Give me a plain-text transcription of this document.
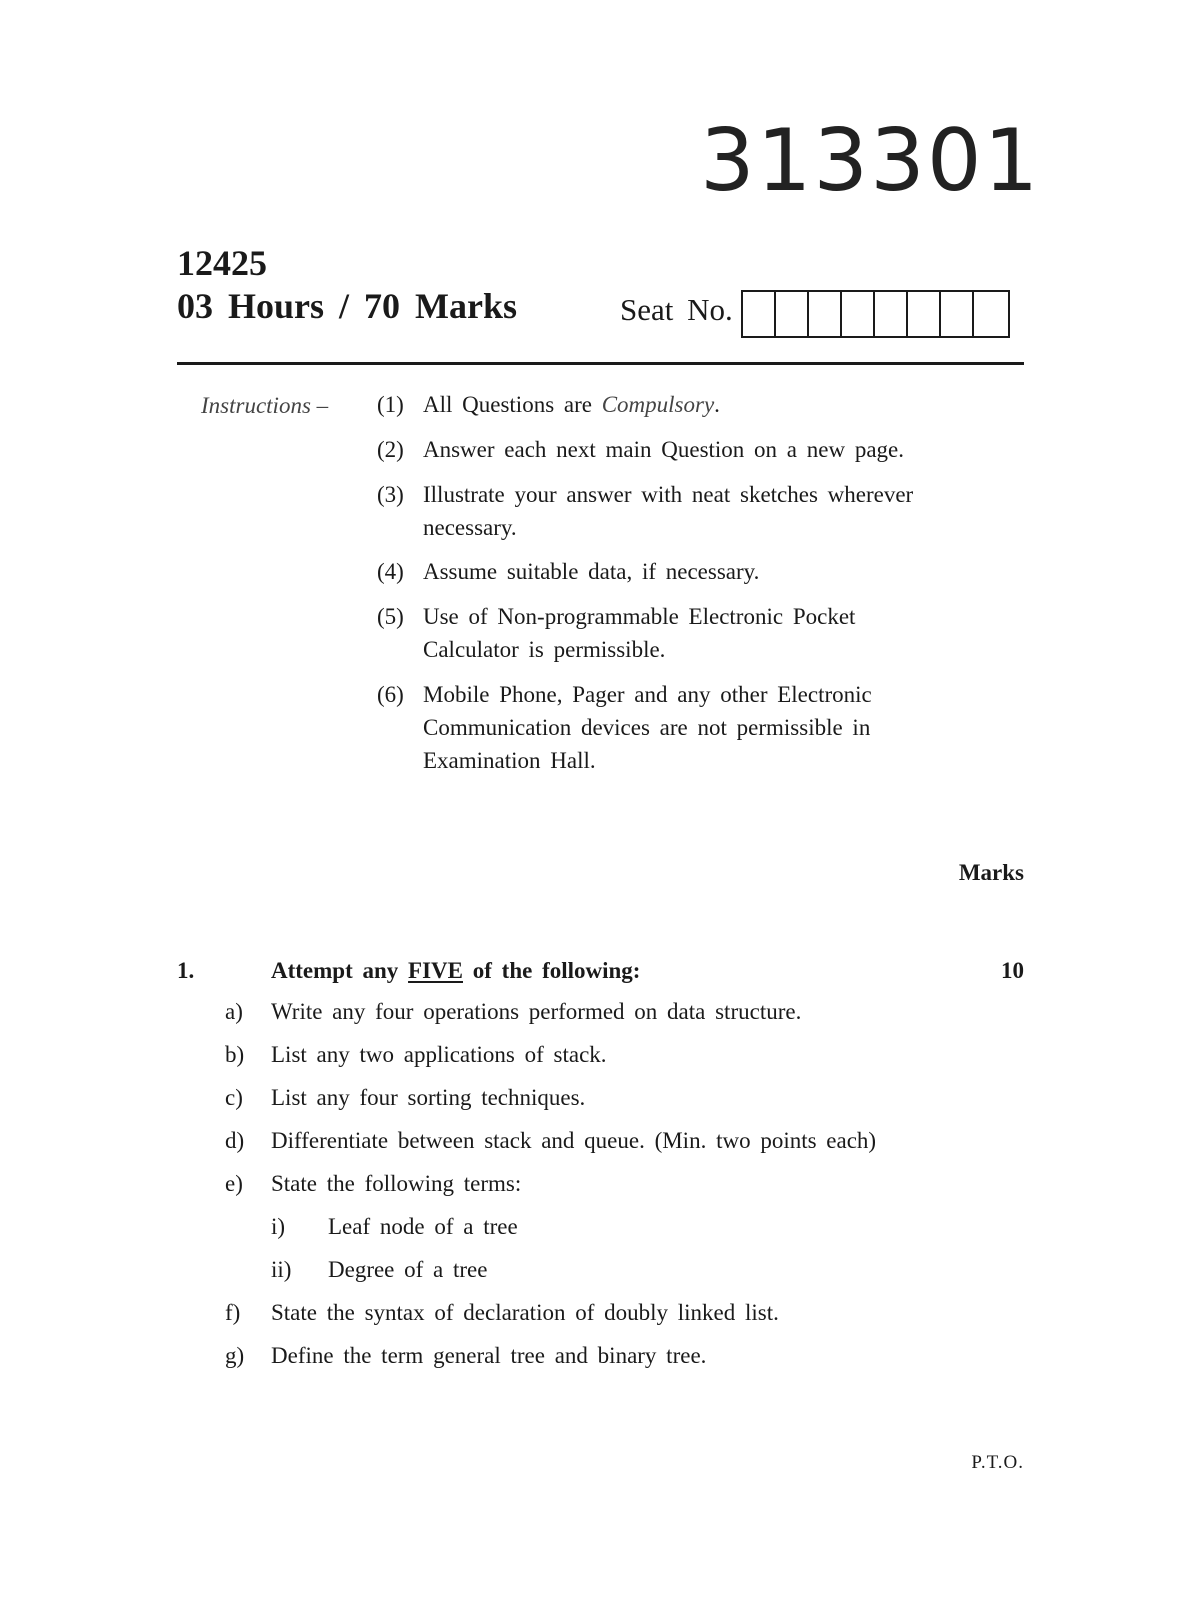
313301
12425
03 Hours / 70 Marks	Seat No.
Instructions – (1) All Questions are Compulsory.
(2) Answer each next main Question on a new page.
(3) Illustrate your answer with neat sketches wherever necessary.
(4) Assume suitable data, if necessary.
(5) Use of Non-programmable Electronic Pocket Calculator is permissible.
(6) Mobile Phone, Pager and any other Electronic Communication devices are not permissible in Examination Hall.
Marks
1.	Attempt any FIVE of the following:	10
a) Write any four operations performed on data structure.
b) List any two applications of stack.
c) List any four sorting techniques.
d) Differentiate between stack and queue. (Min. two points each)
e) State the following terms:
i) Leaf node of a tree
ii) Degree of a tree
f) State the syntax of declaration of doubly linked list.
g) Define the term general tree and binary tree.
P.T.O.
